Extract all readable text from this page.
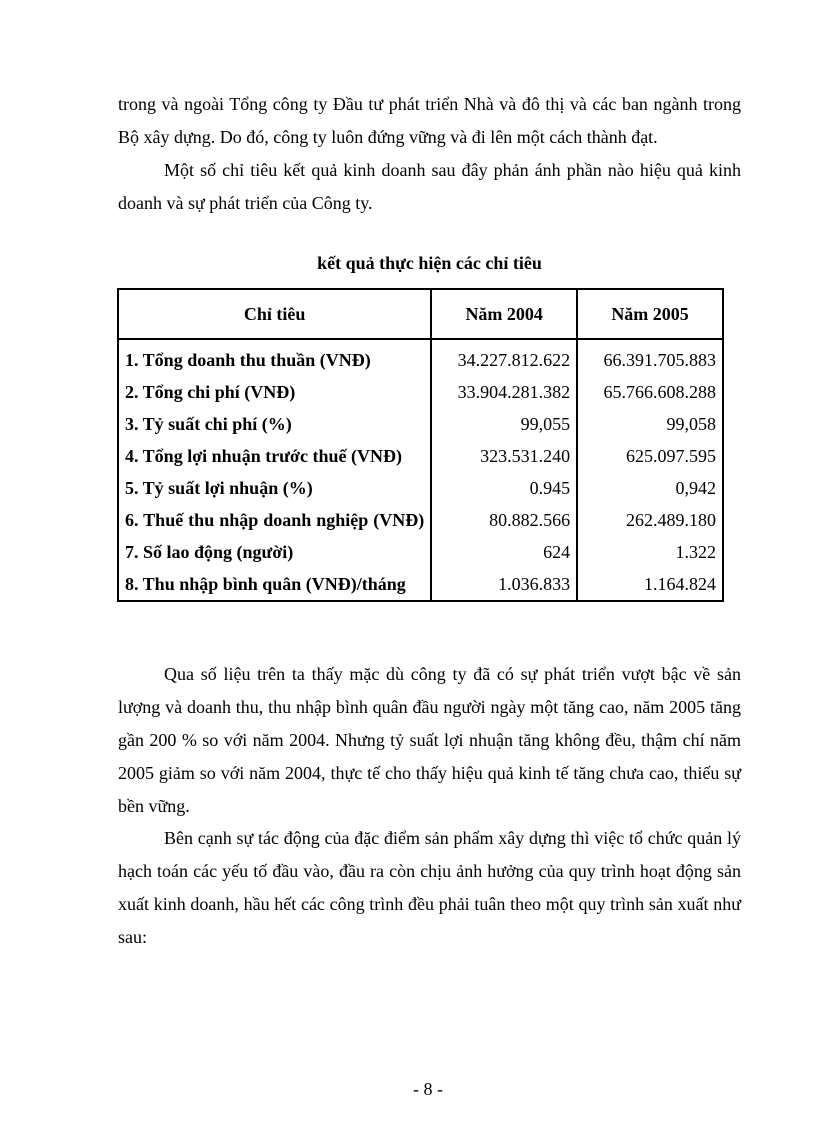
trong và ngoài Tổng công ty Đầu tư phát triển Nhà và đô thị và các ban ngành trong Bộ xây dựng. Do đó, công ty luôn đứng vững và đi lên một cách thành đạt.

Một số chỉ tiêu kết quả kinh doanh sau đây phản ánh phần nào hiệu quả kinh doanh và sự phát triển của Công ty.

kết quả thực hiện các chỉ tiêu
Chỉ tiêu	Năm 2004	Năm 2005
1. Tổng doanh thu thuần (VNĐ)	34.227.812.622	66.391.705.883
2. Tổng chi phí (VNĐ)	33.904.281.382	65.766.608.288
3. Tỷ suất chi phí (%)	99,055	99,058
4. Tổng lợi nhuận trước thuế (VNĐ)	323.531.240	625.097.595
5. Tỷ suất lợi nhuận (%)	0.945	0,942
6. Thuế thu nhập doanh nghiệp (VNĐ)	80.882.566	262.489.180
7. Số lao động (người)	624	1.322
8. Thu nhập bình quân (VNĐ)/tháng	1.036.833	1.164.824

Qua số liệu trên ta thấy mặc dù công ty đã có sự phát triển vượt bậc về sản lượng và doanh thu, thu nhập bình quân đầu người ngày một tăng cao, năm 2005 tăng gần 200 % so với năm 2004. Nhưng tỷ suất lợi nhuận tăng không đều, thậm chí năm 2005 giảm so với năm 2004, thực tế cho thấy hiệu quả kinh tế tăng chưa cao, thiếu sự bền vững.

Bên cạnh sự tác động của đặc điểm sản phẩm xây dựng thì việc tổ chức quản lý hạch toán các yếu tố đầu vào, đầu ra còn chịu ảnh hưởng của quy trình hoạt động sản xuất kinh doanh, hầu hết các công trình đều phải tuân theo một quy trình sản xuất như sau:

- 8 -
